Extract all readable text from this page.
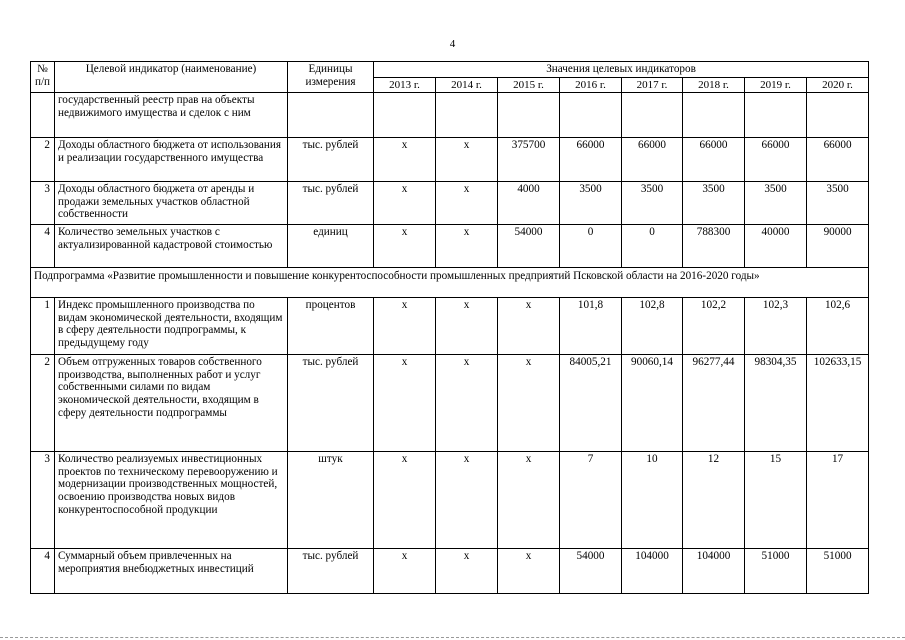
4
№ п/п	Целевой индикатор (наименование)	Единицы измерения	Значения целевых индикаторов							
			2013 г.	2014 г.	2015 г.	2016 г.	2017 г.	2018 г.	2019 г.	2020 г.
	государственный реестр прав на объекты недвижимого имущества и сделок с ним									
2	Доходы областного бюджета от использования и реализации государственного имущества	тыс. рублей	х	х	375700	66000	66000	66000	66000	66000
3	Доходы областного бюджета от аренды и продажи земельных участков областной собственности	тыс. рублей	х	х	4000	3500	3500	3500	3500	3500
4	Количество земельных участков с актуализированной кадастровой стоимостью	единиц	х	х	54000	0	0	788300	40000	90000
Подпрограмма «Развитие промышленности и повышение конкурентоспособности промышленных предприятий Псковской области на 2016-2020 годы»										
1	Индекс промышленного производства по видам экономической деятельности, входящим в сферу деятельности подпрограммы, к предыдущему году	процентов	х	х	х	101,8	102,8	102,2	102,3	102,6
2	Объем отгруженных товаров собственного производства, выполненных работ и услуг собственными силами по видам экономической деятельности, входящим в сферу деятельности подпрограммы	тыс. рублей	х	х	х	84005,21	90060,14	96277,44	98304,35	102633,15
3	Количество реализуемых инвестиционных проектов по техническому перевооружению и модернизации производственных мощностей, освоению производства новых видов конкурентоспособной продукции	штук	х	х	х	7	10	12	15	17
4	Суммарный объем привлеченных на мероприятия внебюджетных инвестиций	тыс. рублей	х	х	х	54000	104000	104000	51000	51000
